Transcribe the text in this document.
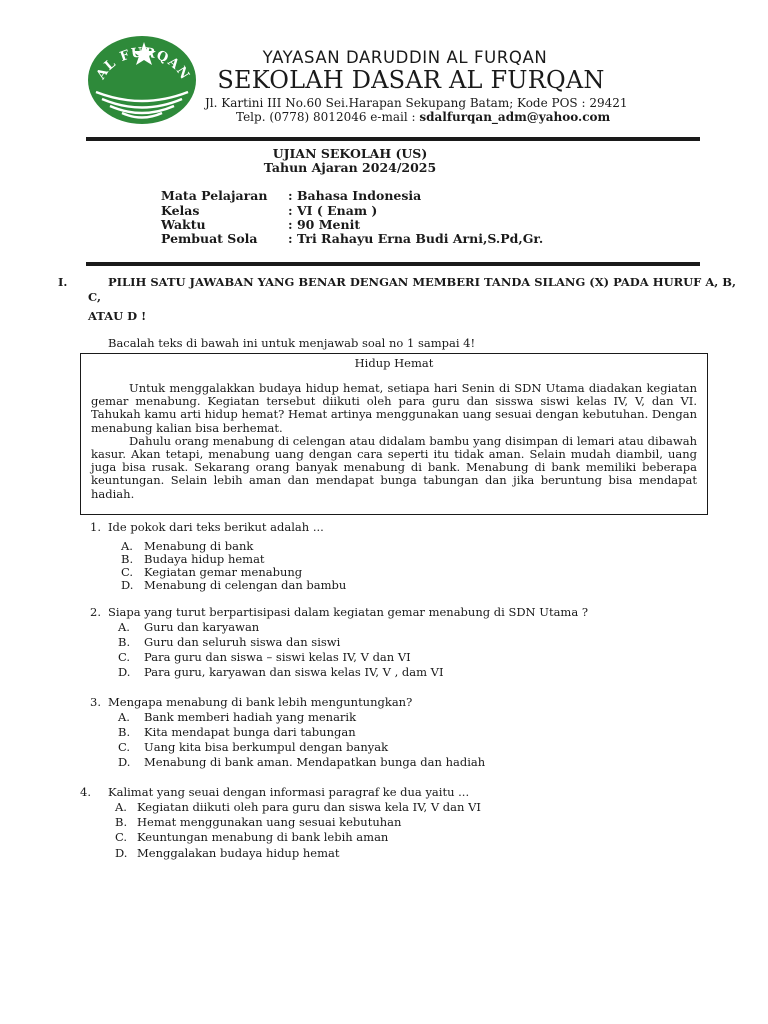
AL FURQAN
YAYASAN DARUDDIN AL FURQAN
SEKOLAH DASAR AL FURQAN
Jl. Kartini III No.60 Sei.Harapan Sekupang Batam; Kode POS : 29421
Telp. (0778) 8012046 e-mail : sdalfurqan_adm@yahoo.com
UJIAN SEKOLAH (US)
Tahun Ajaran 2024/2025
Mata Pelajaran : Bahasa Indonesia
Kelas	: VI ( Enam )
Waktu	: 90 Menit
Pembuat Sola : Tri Rahayu Erna Budi Arni,S.Pd,Gr.
I.	PILIH SATU JAWABAN YANG BENAR DENGAN MEMBERI TANDA SILANG (X) PADA HURUF A, B,
C,
ATAU D !
Bacalah teks di bawah ini untuk menjawab soal no 1 sampai 4!
Hidup Hemat

Untuk menggalakkan budaya hidup hemat, setiapa hari Senin di SDN Utama diadakan kegiatan gemar menabung. Kegiatan tersebut diikuti oleh para guru dan sisswa siswi kelas IV, V, dan VI. Tahukah kamu arti hidup hemat? Hemat artinya menggunakan uang sesuai dengan kebutuhan. Dengan menabung kalian bisa berhemat.

Dahulu orang menabung di celengan atau didalam bambu yang disimpan di lemari atau dibawah kasur. Akan tetapi, menabung uang dengan cara seperti itu tidak aman. Selain mudah diambil, uang juga bisa rusak. Sekarang orang banyak menabung di bank. Menabung di bank memiliki beberapa keuntungan. Selain lebih aman dan mendapat bunga tabungan dan jika beruntung bisa mendapat hadiah.

1. Ide pokok dari teks berikut adalah ...
A. Menabung di bank
B. Budaya hidup hemat
C. Kegiatan gemar menabung
D. Menabung di celengan dan bambu
2. Siapa yang turut berpartisipasi dalam kegiatan gemar menabung di SDN Utama ?
A. Guru dan karyawan
B. Guru dan seluruh siswa dan siswi
C. Para guru dan siswa – siswi kelas IV, V dan VI
D. Para guru, karyawan dan siswa kelas IV, V , dam VI
3. Mengapa menabung di bank lebih menguntungkan?
A. Bank memberi hadiah yang menarik
B. Kita mendapat bunga dari tabungan
C. Uang kita bisa berkumpul dengan banyak
D. Menabung di bank aman. Mendapatkan bunga dan hadiah
4. Kalimat yang seuai dengan informasi paragraf ke dua yaitu ...
A. Kegiatan diikuti oleh para guru dan siswa kela IV, V dan VI
B. Hemat menggunakan uang sesuai kebutuhan
C. Keuntungan menabung di bank lebih aman
D. Menggalakan budaya hidup hemat
